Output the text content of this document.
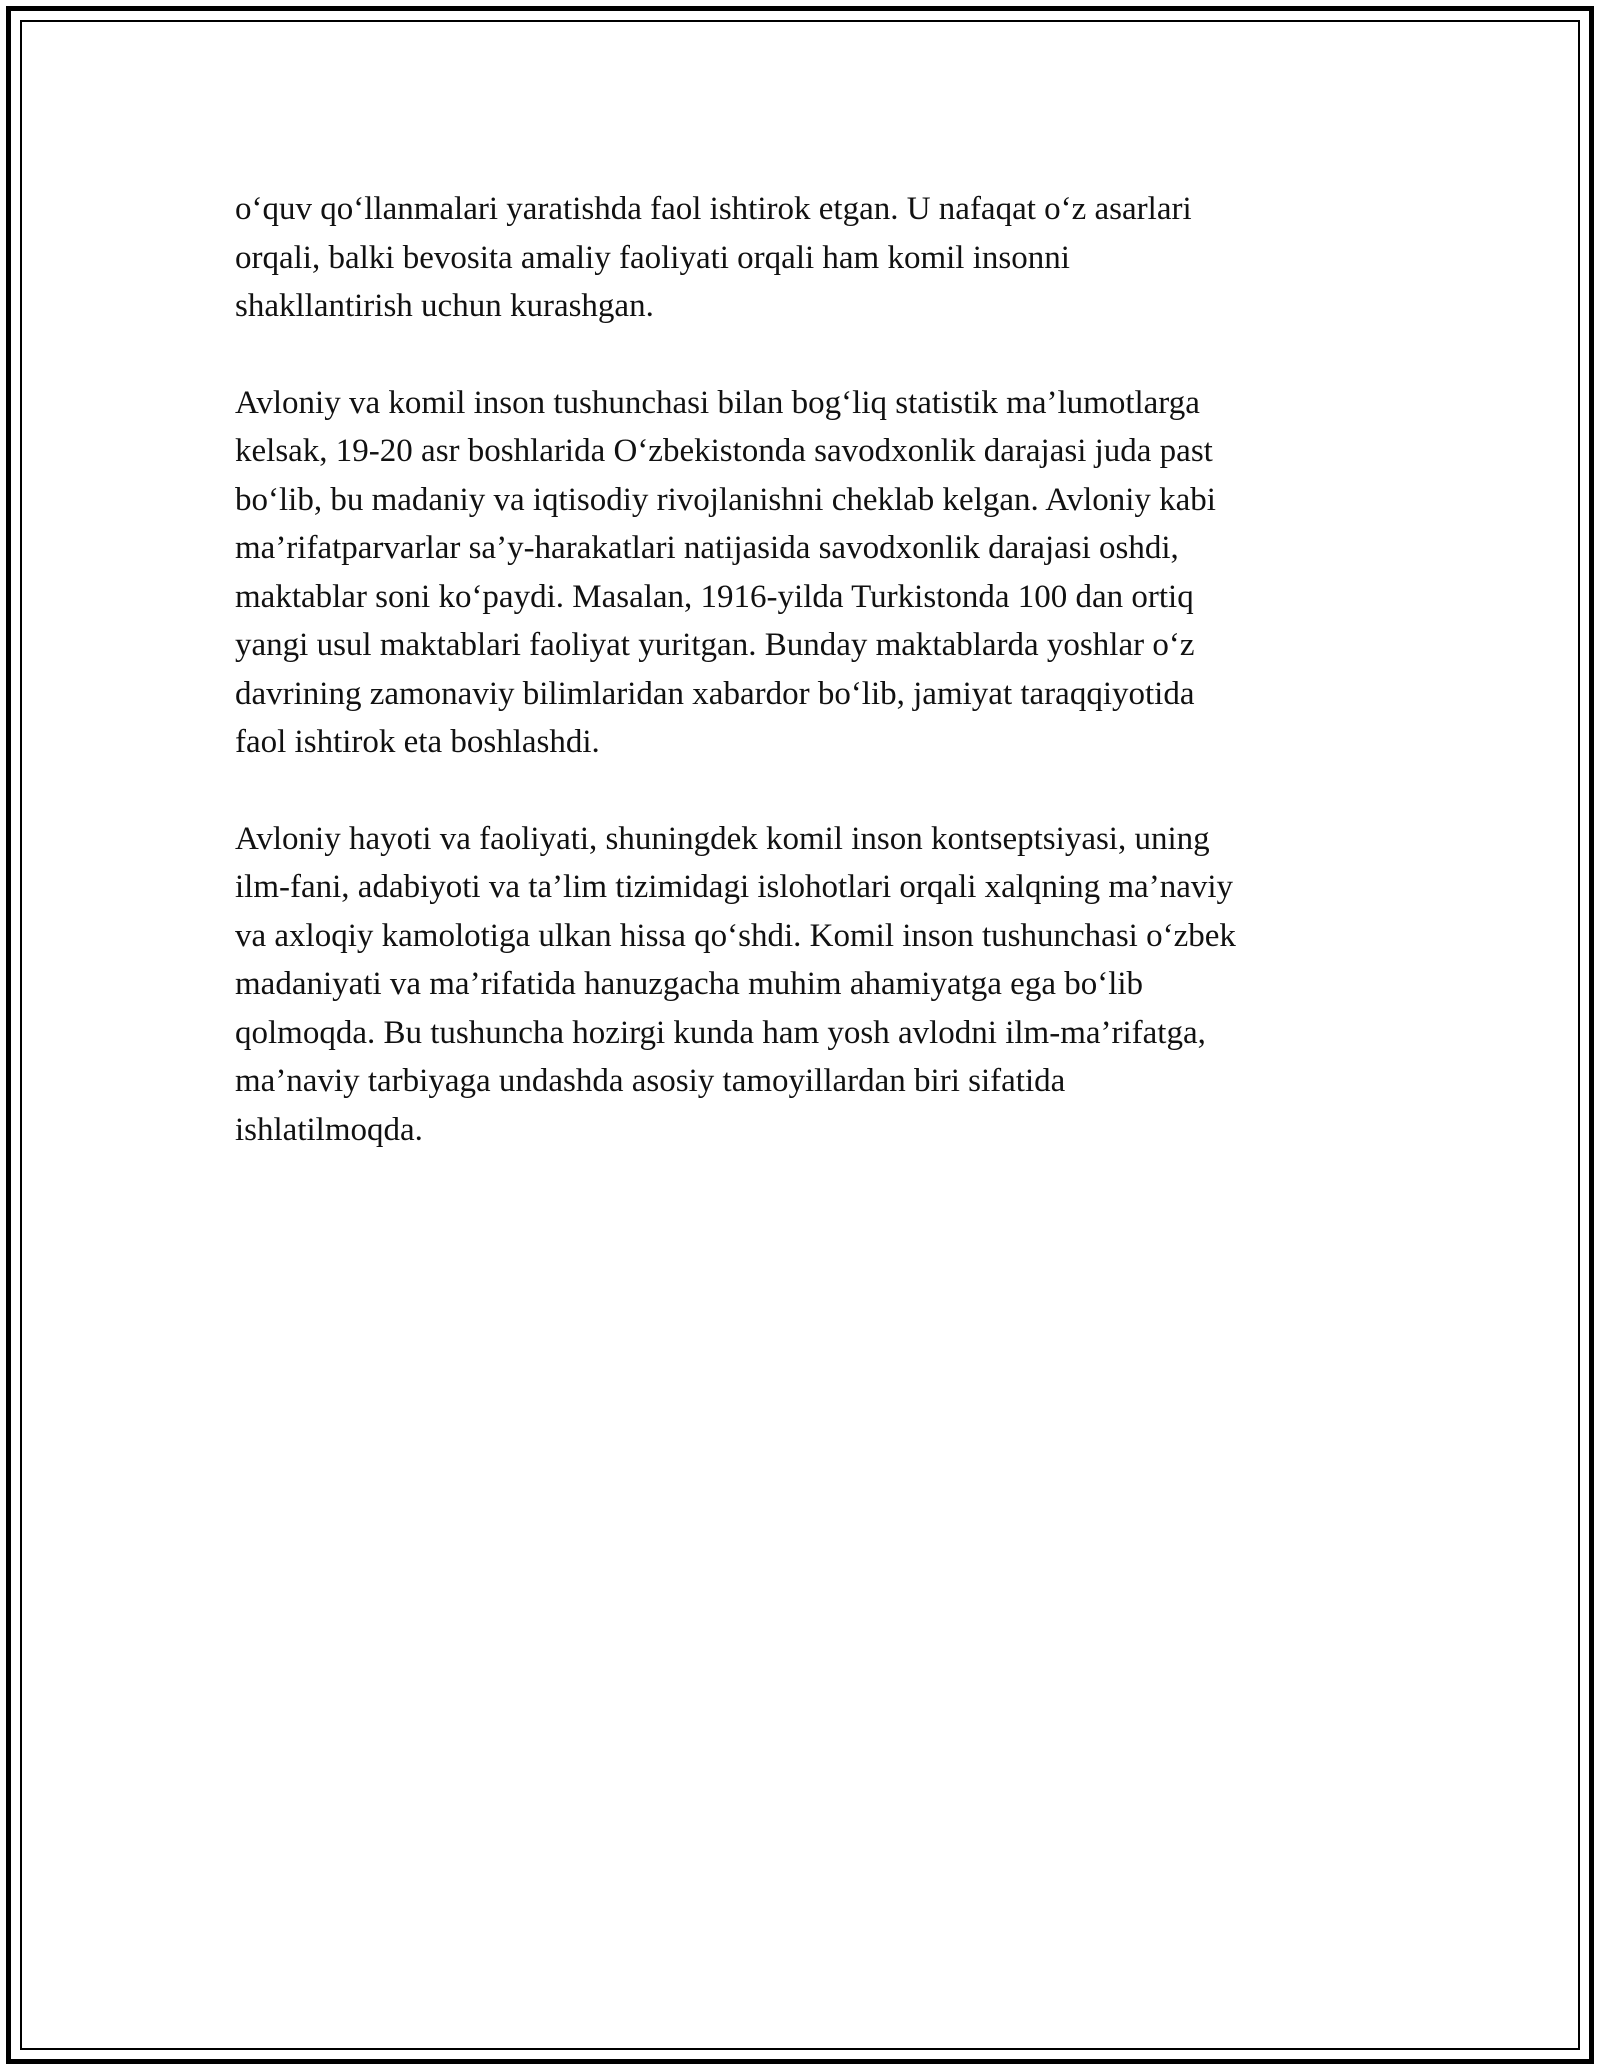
o‘quv qo‘llanmalari yaratishda faol ishtirok etgan. U nafaqat o‘z asarlari
orqali, balki bevosita amaliy faoliyati orqali ham komil insonni
shakllantirish uchun kurashgan.

Avloniy va komil inson tushunchasi bilan bog‘liq statistik ma’lumotlarga
kelsak, 19-20 asr boshlarida O‘zbekistonda savodxonlik darajasi juda past
bo‘lib, bu madaniy va iqtisodiy rivojlanishni cheklab kelgan. Avloniy kabi
ma’rifatparvarlar sa’y-harakatlari natijasida savodxonlik darajasi oshdi,
maktablar soni ko‘paydi. Masalan, 1916-yilda Turkistonda 100 dan ortiq
yangi usul maktablari faoliyat yuritgan. Bunday maktablarda yoshlar o‘z
davrining zamonaviy bilimlaridan xabardor bo‘lib, jamiyat taraqqiyotida
faol ishtirok eta boshlashdi.

Avloniy hayoti va faoliyati, shuningdek komil inson kontseptsiyasi, uning
ilm-fani, adabiyoti va ta’lim tizimidagi islohotlari orqali xalqning ma’naviy
va axloqiy kamolotiga ulkan hissa qo‘shdi. Komil inson tushunchasi o‘zbek
madaniyati va ma’rifatida hanuzgacha muhim ahamiyatga ega bo‘lib
qolmoqda. Bu tushuncha hozirgi kunda ham yosh avlodni ilm-ma’rifatga,
ma’naviy tarbiyaga undashda asosiy tamoyillardan biri sifatida
ishlatilmoqda.
